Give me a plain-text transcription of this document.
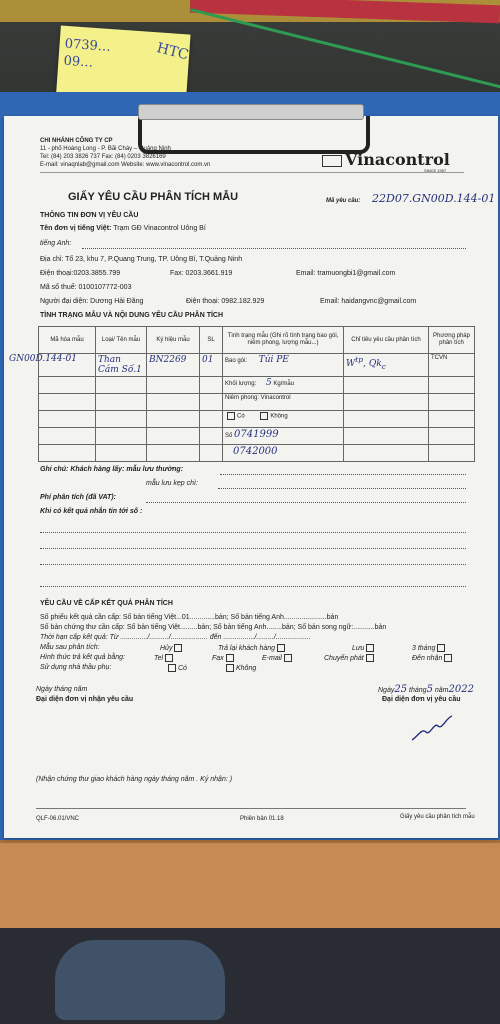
0739…
09…	HTC
CHI NHÁNH CÔNG TY CP
11 - phố Hoàng Long - P. Bãi Cháy – Quảng Ninh
Tel: (84) 203 3826 737 Fax: (84) 0203 3826169
E-mail: vinaqnlab@gmail.com Website: www.vinacontrol.com.vn	Vinacontrol
SINCE 1957
GIẤY YÊU CẦU PHÂN TÍCH MẪU	Mã yêu cầu: 22D07.GN00D.144-01
THÔNG TIN ĐƠN VỊ YÊU CẦU
Tên đơn vị tiếng Việt: Trạm GĐ Vinacontrol Uông Bí
tiếng Anh:
Địa chỉ: Tổ 23, khu 7, P.Quang Trung, TP. Uông Bí, T.Quảng Ninh
Điện thoại:0203.3855.799	Fax: 0203.3661.919	Email: tramuongbi1@gmail.com
Mã số thuế: 0100107772-003
Người đại diện: Dương Hải Đăng	Điện thoại: 0982.182.929	Email: haidangvnc@gmail.com
TÌNH TRẠNG MẪU VÀ NỘI DUNG YÊU CẦU PHÂN TÍCH
Mã hóa mẫu	Loại/ Tên mẫu	Ký hiệu mẫu	SL	Tình trạng mẫu (Ghi rõ tình trạng bao gói, niêm phong, lượng mẫu...)	Chỉ tiêu yêu cầu phân tích	Phương pháp phân tích

GN00D.144-01	Than Cám Số.1	BN2269	01	Bao gói: Túi PE	$W^{tp}$, $Qk_c$	TCVN
				Khối lượng: 5 Kg/mẫu		
				Niêm phong: Vinacontrol		
				Có Không		
				Số 0741999		
				0742000		
Ghi chú: Khách hàng lấy: mẫu lưu thường:
mẫu lưu kẹp chì:
Phí phân tích (đã VAT):
Khi có kết quả nhắn tin tới số :
YÊU CẦU VỀ CẤP KẾT QUẢ PHÂN TÍCH
Số phiếu kết quả cần cấp: Số bản tiếng Việt...01.............bản; Số bản tiếng Anh......................bản
Số bản chứng thư cần cấp: Số bản tiếng Việt.........bản; Số bản tiếng Anh........bản; Số bản song ngữ:...........bản
Thời hạn cấp kết quả: Từ ............../........../................... đến ................/........./..................
Mẫu sau phân tích:	Hủy	Trả lại khách hàng	Lưu	3 tháng
Hình thức trả kết quả bằng:	Tel	Fax	E-mail	Chuyển phát	Đến nhận
Sử dụng nhà thầu phụ:	Có	Không
Ngày tháng năm
Đại diện đơn vị nhận yêu cầu
Ngày25 tháng5 năm2022
Đại diện đơn vị yêu cầu
(Nhận chứng thư giao khách hàng ngày tháng năm . Ký nhận: )
QLF-06.01/VNC	Phiên bản 01.18	Giấy yêu cầu phân tích mẫu
